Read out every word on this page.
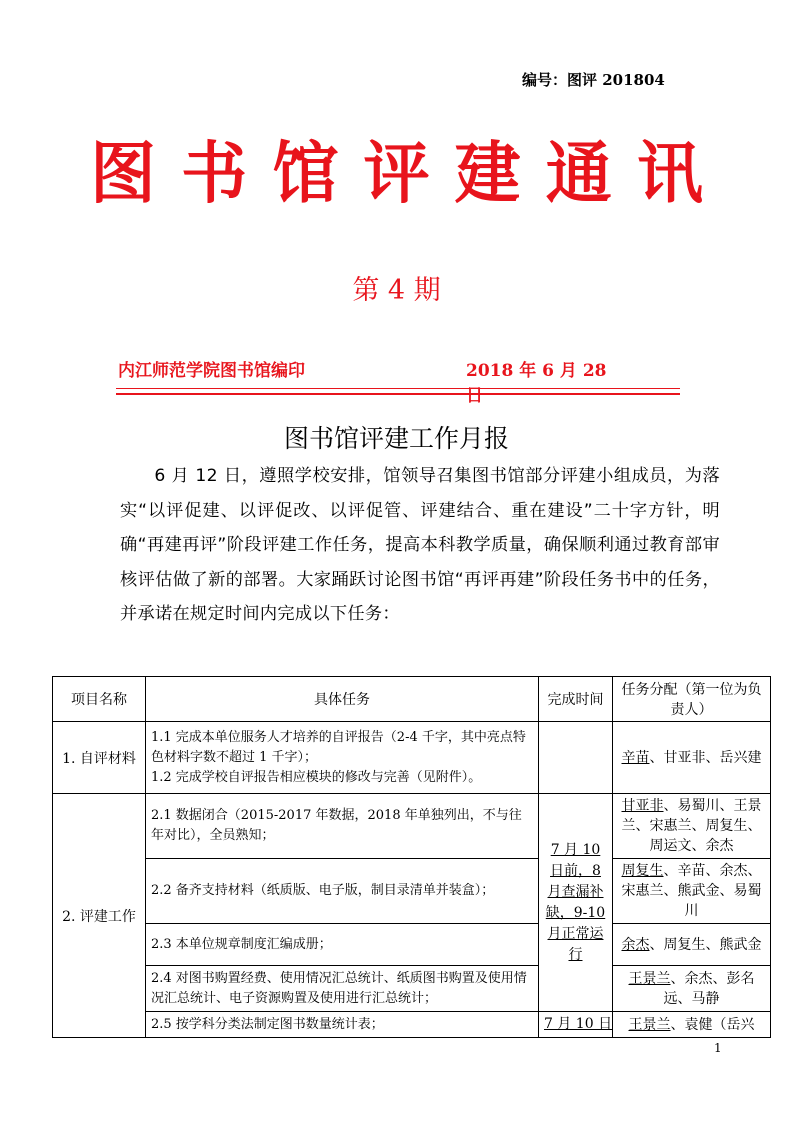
编号：图评 201804
图 书 馆 评 建 通 讯
第 4 期
内江师范学院图书馆编印	2018 年 6 月 28 日
图书馆评建工作月报

6 月 12 日，遵照学校安排，馆领导召集图书馆部分评建小组成员，为落实“以评促建、以评促改、以评促管、评建结合、重在建设”二十字方针，明确“再建再评”阶段评建工作任务，提高本科教学质量，确保顺利通过教育部审核评估做了新的部署。大家踊跃讨论图书馆“再评再建”阶段任务书中的任务，并承诺在规定时间内完成以下任务：

项目名称	具体任务	完成时间	任务分配（第一位为负责人）
1. 自评材料	1.1 完成本单位服务人才培养的自评报告（2-4 千字，其中亮点特色材料字数不超过 1 千字）；
1.2 完成学校自评报告相应模块的修改与完善（见附件）。		辛苗、甘亚非、岳兴建
2. 评建工作	2.1 数据闭合（2015-2017 年数据，2018 年单独列出，不与往年对比），全员熟知；	7 月 10 日前，8 月查漏补缺，9-10 月正常运行	甘亚非、易蜀川、王景兰、宋惠兰、周复生、周运文、余杰
	2.2 备齐支持材料（纸质版、电子版，制目录清单并装盒）；		周复生、辛苗、余杰、宋惠兰、熊武金、易蜀川
	2.3 本单位规章制度汇编成册；		余杰、周复生、熊武金
	2.4 对图书购置经费、使用情况汇总统计、纸质图书购置及使用情况汇总统计、电子资源购置及使用进行汇总统计；		王景兰、余杰、彭名远、马静
	2.5 按学科分类法制定图书数量统计表；	7 月 10 日	王景兰、袁健（岳兴
1
